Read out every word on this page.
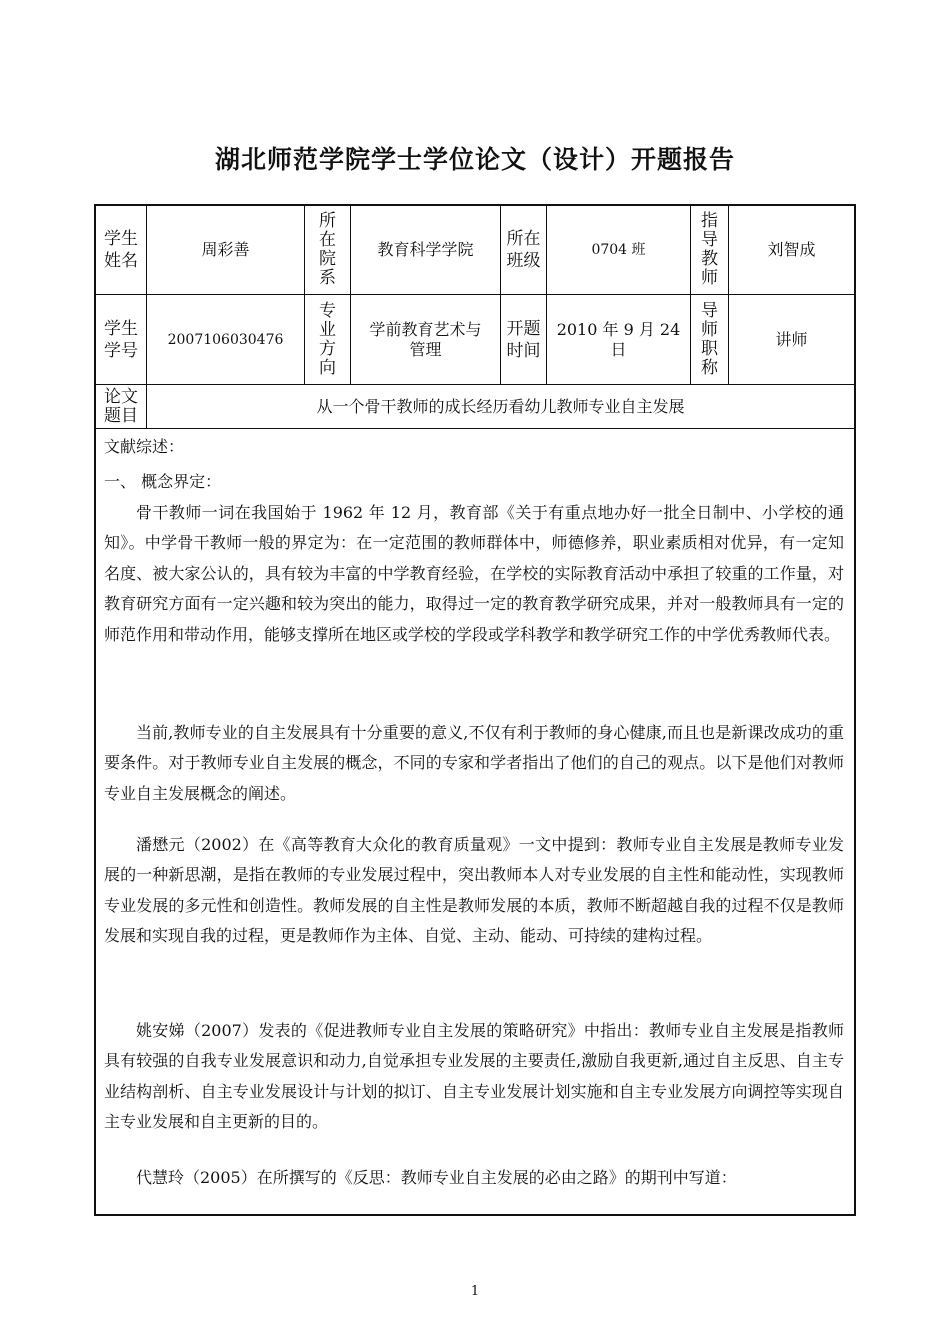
湖北师范学院学士学位论文（设计）开题报告
学生姓名
周彩善
所
在
院
系
教育科学学院
所在班级
0704 班
指
导
教
师
刘智成
学生学号
2007106030476
专
业
方
向
学前教育艺术与管理
开题时间
2010 年 9 月 24 日
导
师
职
称
讲师
论文题目	从一个骨干教师的成长经历看幼儿教师专业自主发展
文献综述：
一、 概念界定：

骨干教师一词在我国始于 1962 年 12 月，教育部《关于有重点地办好一批全日制中、小学校的通知》。中学骨干教师一般的界定为：在一定范围的教师群体中，师德修养，职业素质相对优异，有一定知名度、被大家公认的，具有较为丰富的中学教育经验，在学校的实际教育活动中承担了较重的工作量，对教育研究方面有一定兴趣和较为突出的能力，取得过一定的教育教学研究成果，并对一般教师具有一定的师范作用和带动作用，能够支撑所在地区或学校的学段或学科教学和教学研究工作的中学优秀教师代表。

当前,教师专业的自主发展具有十分重要的意义,不仅有利于教师的身心健康,而且也是新课改成功的重要条件。对于教师专业自主发展的概念，不同的专家和学者指出了他们的自己的观点。以下是他们对教师专业自主发展概念的阐述。

潘懋元（2002）在《高等教育大众化的教育质量观》一文中提到：教师专业自主发展是教师专业发展的一种新思潮，是指在教师的专业发展过程中，突出教师本人对专业发展的自主性和能动性，实现教师专业发展的多元性和创造性。教师发展的自主性是教师发展的本质，教师不断超越自我的过程不仅是教师发展和实现自我的过程，更是教师作为主体、自觉、主动、能动、可持续的建构过程。

姚安娣（2007）发表的《促进教师专业自主发展的策略研究》中指出：教师专业自主发展是指教师具有较强的自我专业发展意识和动力,自觉承担专业发展的主要责任,激励自我更新,通过自主反思、自主专业结构剖析、自主专业发展设计与计划的拟订、自主专业发展计划实施和自主专业发展方向调控等实现自主专业发展和自主更新的目的。

代慧玲（2005）在所撰写的《反思：教师专业自主发展的必由之路》的期刊中写道：

1
